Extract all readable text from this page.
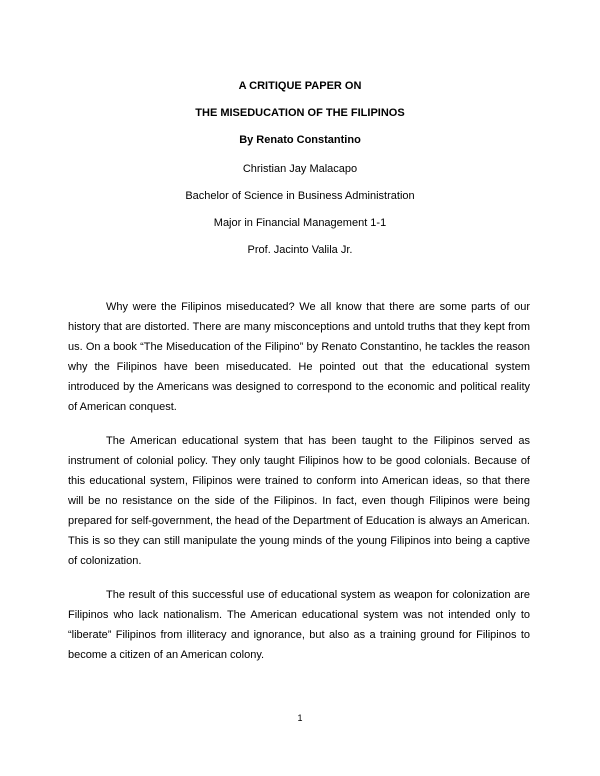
A CRITIQUE PAPER ON
THE MISEDUCATION OF THE FILIPINOS
By Renato Constantino
Christian Jay Malacapo
Bachelor of Science in Business Administration
Major in Financial Management 1-1
Prof. Jacinto Valila Jr.

Why were the Filipinos miseducated? We all know that there are some parts of our history that are distorted. There are many misconceptions and untold truths that they kept from us. On a book “The Miseducation of the Filipino” by Renato Constantino, he tackles the reason why the Filipinos have been miseducated. He pointed out that the educational system introduced by the Americans was designed to correspond to the economic and political reality of American conquest.

The American educational system that has been taught to the Filipinos served as instrument of colonial policy. They only taught Filipinos how to be good colonials. Because of this educational system, Filipinos were trained to conform into American ideas, so that there will be no resistance on the side of the Filipinos. In fact, even though Filipinos were being prepared for self-government, the head of the Department of Education is always an American. This is so they can still manipulate the young minds of the young Filipinos into being a captive of colonization.

The result of this successful use of educational system as weapon for colonization are Filipinos who lack nationalism. The American educational system was not intended only to “liberate” Filipinos from illiteracy and ignorance, but also as a training ground for Filipinos to become a citizen of an American colony.

1
